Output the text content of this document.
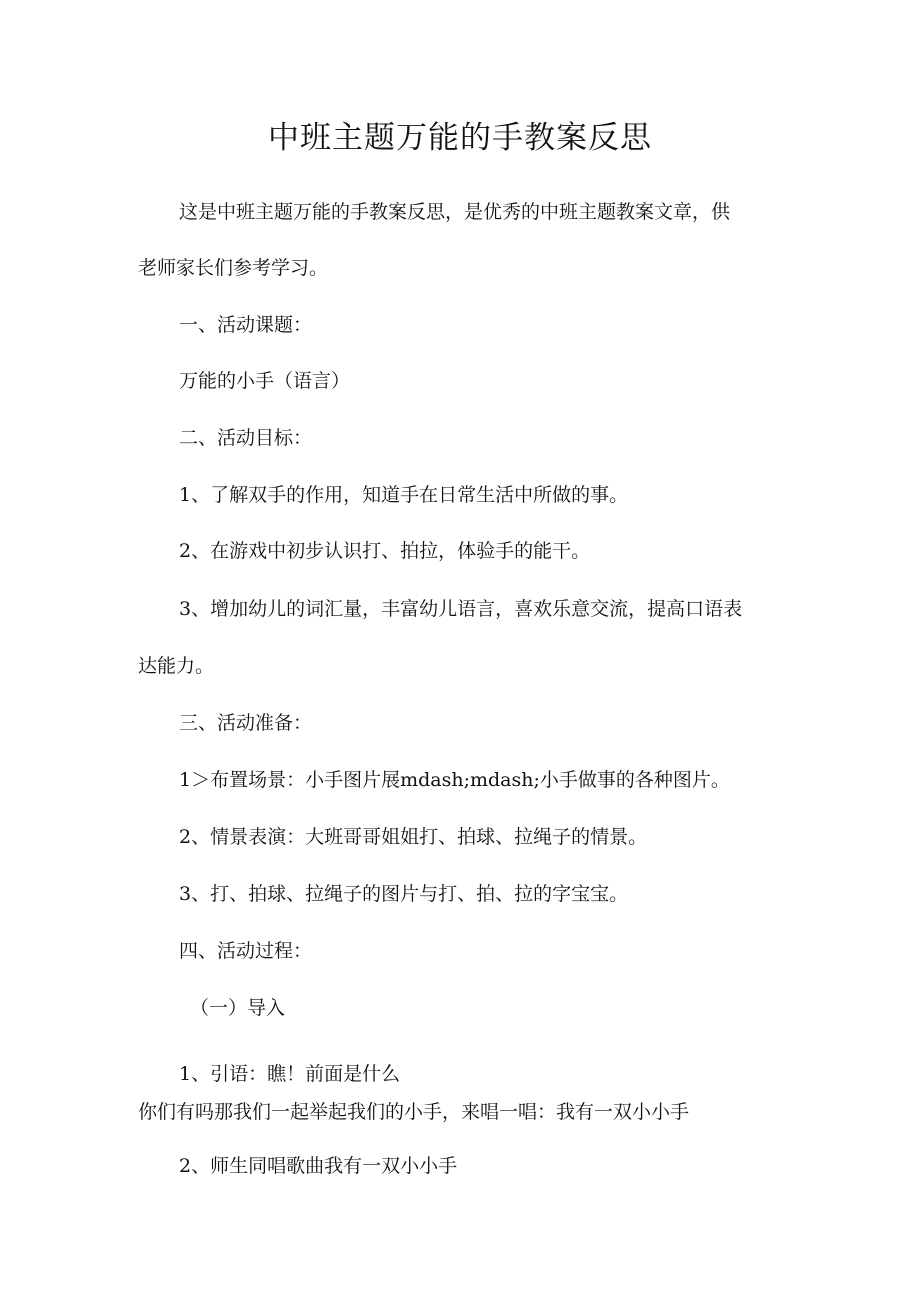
中班主题万能的手教案反思
这是中班主题万能的手教案反思，是优秀的中班主题教案文章，供
老师家长们参考学习。
一、活动课题：
万能的小手（语言）
二、活动目标：
1、了解双手的作用，知道手在日常生活中所做的事。
2、在游戏中初步认识打、拍拉，体验手的能干。
3、增加幼儿的词汇量，丰富幼儿语言，喜欢乐意交流，提高口语表
达能力。
三、活动准备：
1＞布置场景：小手图片展mdash;mdash;小手做事的各种图片。
2、情景表演：大班哥哥姐姐打、拍球、拉绳子的情景。
3、打、拍球、拉绳子的图片与打、拍、拉的字宝宝。
四、活动过程：
（一）导入
1、引语：瞧！前面是什么
你们有吗那我们一起举起我们的小手，来唱一唱：我有一双小小手
2、师生同唱歌曲我有一双小小手
